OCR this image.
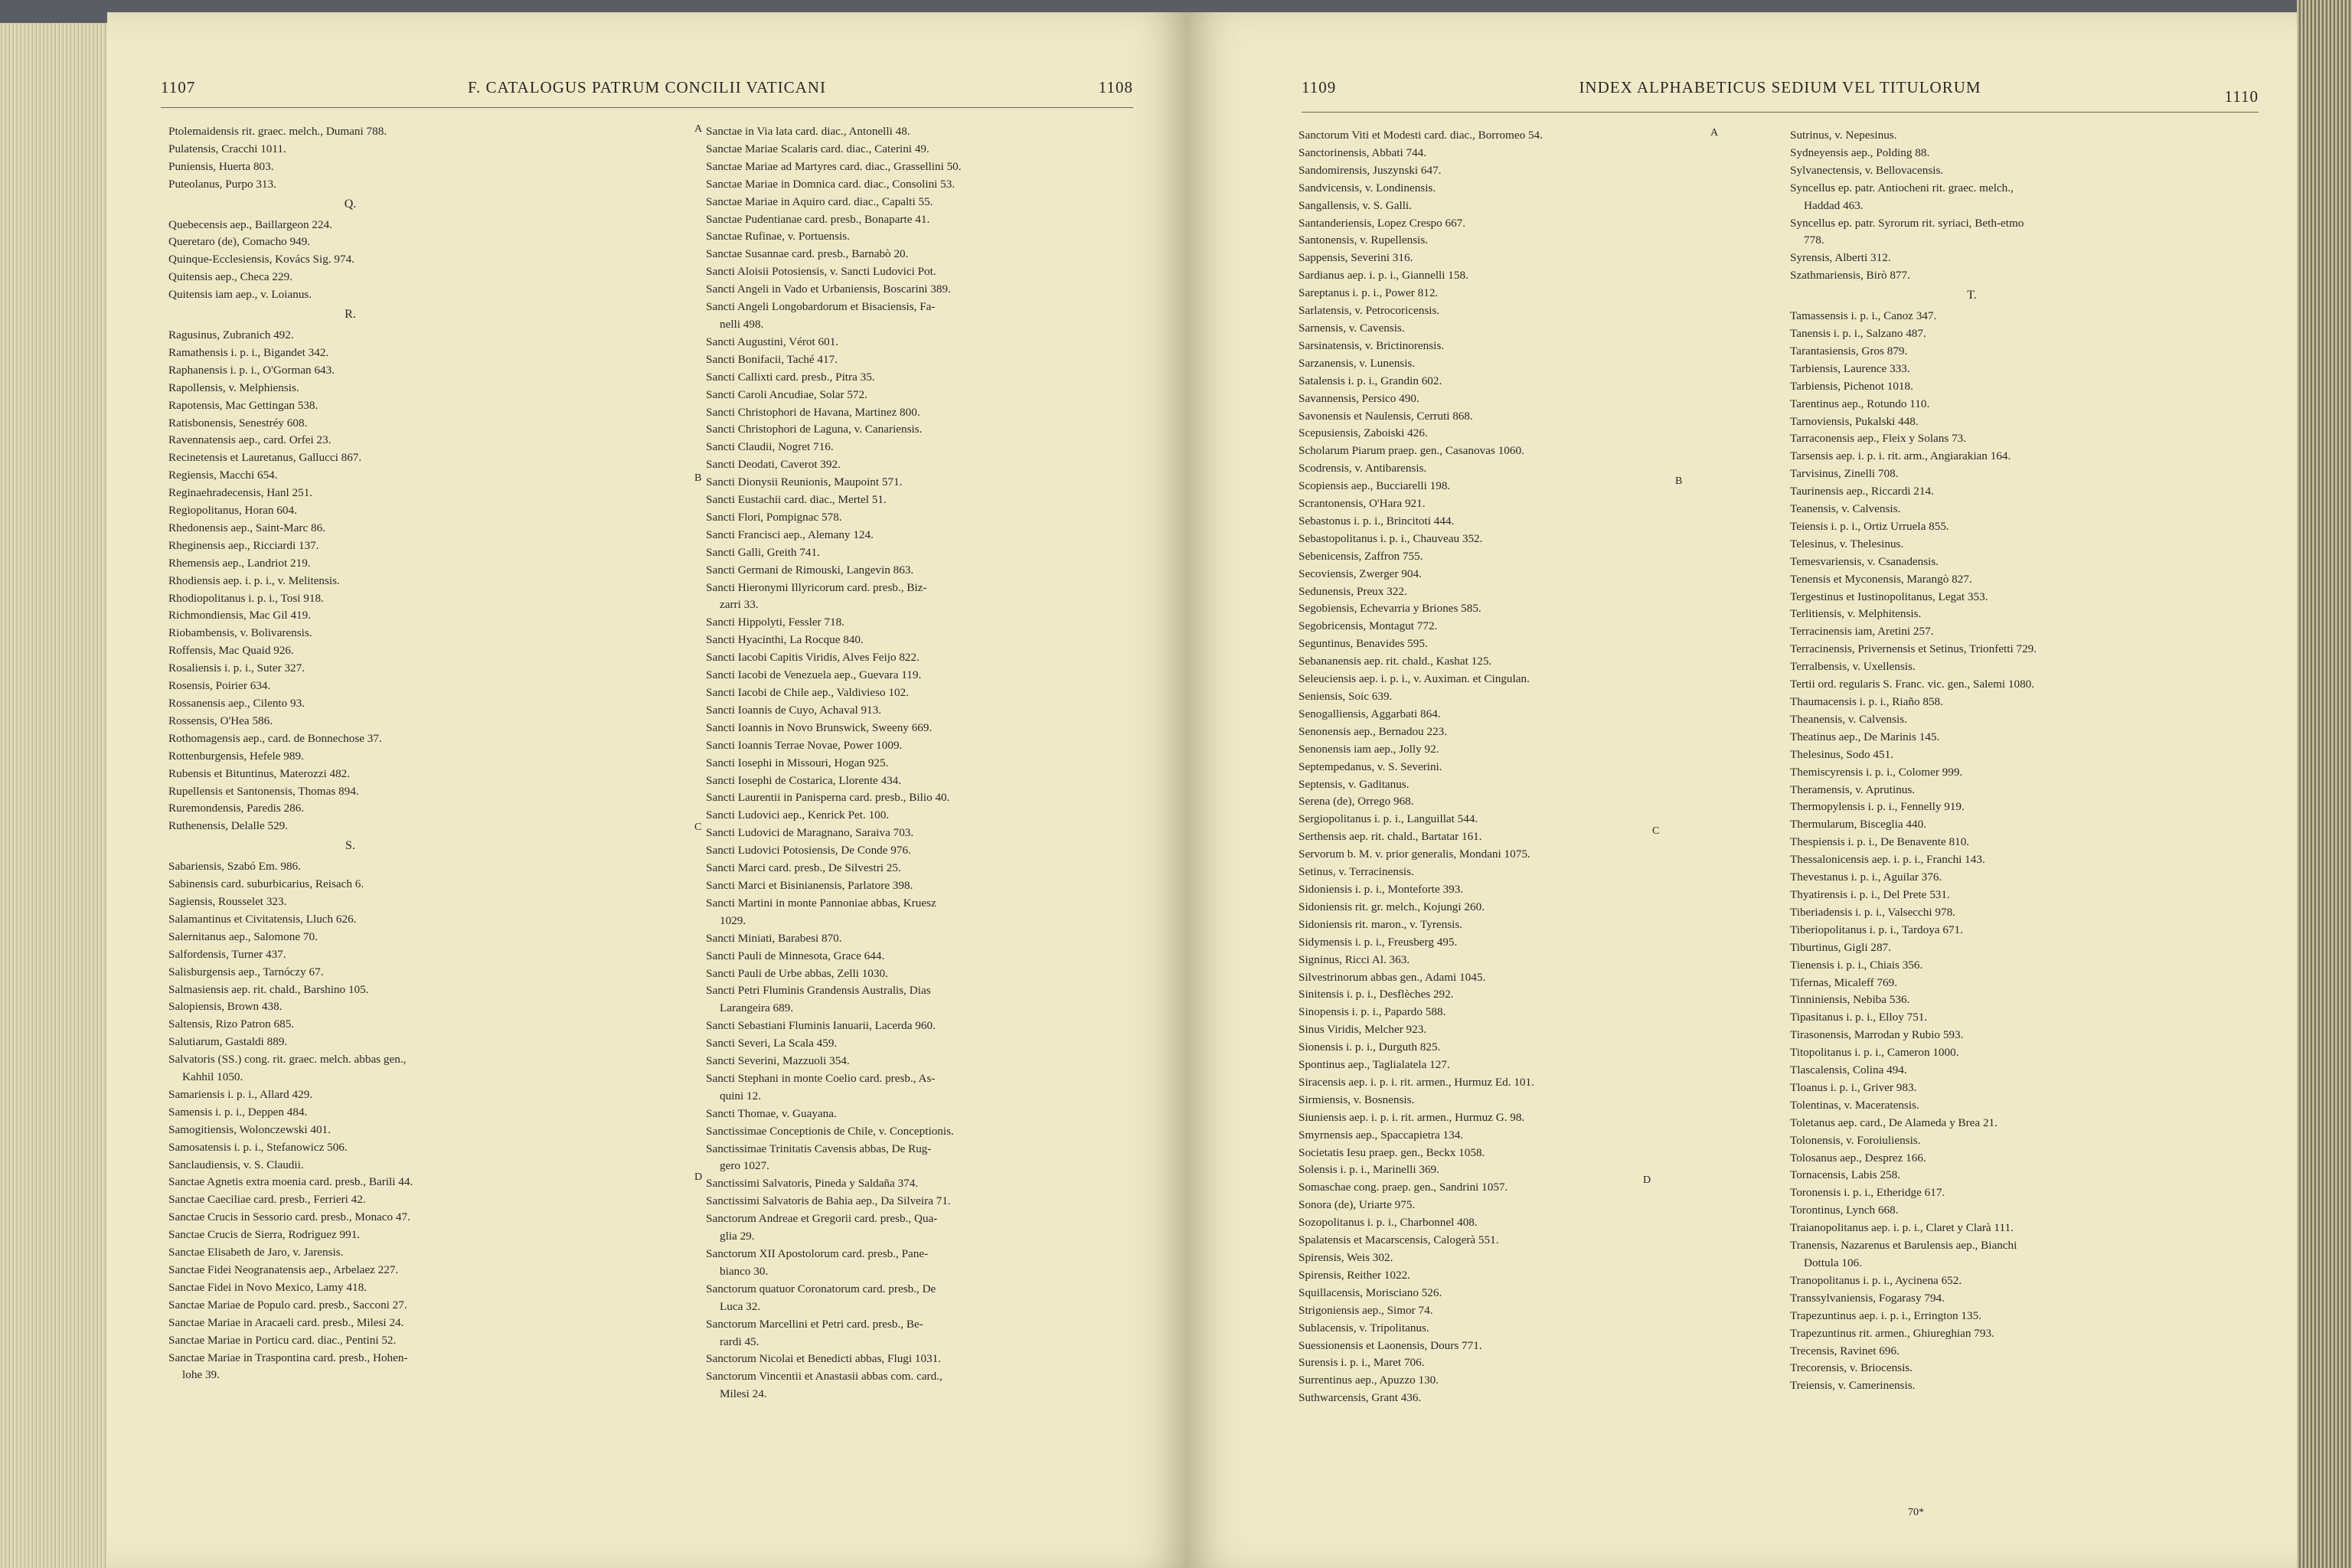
1107	F. CATALOGUS PATRUM CONCILII VATICANI	1108
Ptolemaidensis rit. graec. melch., Dumani 788.
Pulatensis, Cracchi 1011.
Puniensis, Huerta 803.
Puteolanus, Purpo 313.
Q.
Quebecensis aep., Baillargeon 224.
Queretaro (de), Comacho 949.
Quinque-Ecclesiensis, Kovács Sig. 974.
Quitensis aep., Checa 229.
Quitensis iam aep., v. Loianus.
R.
Ragusinus, Zubranich 492.
Ramathensis i. p. i., Bigandet 342.
Raphanensis i. p. i., O'Gorman 643.
Rapollensis, v. Melphiensis.
Rapotensis, Mac Gettingan 538.
Ratisbonensis, Senestréy 608.
Ravennatensis aep., card. Orfei 23.
Recinetensis et Lauretanus, Gallucci 867.
Regiensis, Macchi 654.
Reginaehradecensis, Hanl 251.
Regiopolitanus, Horan 604.
Rhedonensis aep., Saint-Marc 86.
Rheginensis aep., Ricciardi 137.
Rhemensis aep., Landriot 219.
Rhodiensis aep. i. p. i., v. Melitensis.
Rhodiopolitanus i. p. i., Tosi 918.
Richmondiensis, Mac Gil 419.
Riobambensis, v. Bolivarensis.
Roffensis, Mac Quaid 926.
Rosaliensis i. p. i., Suter 327.
Rosensis, Poirier 634.
Rossanensis aep., Cilento 93.
Rossensis, O'Hea 586.
Rothomagensis aep., card. de Bonnechose 37.
Rottenburgensis, Hefele 989.
Rubensis et Bituntinus, Materozzi 482.
Rupellensis et Santonensis, Thomas 894.
Ruremondensis, Paredis 286.
Ruthenensis, Delalle 529.
S.
Sabariensis, Szabó Em. 986.
Sabinensis card. suburbicarius, Reisach 6.
Sagiensis, Rousselet 323.
Salamantinus et Civitatensis, Lluch 626.
Salernitanus aep., Salomone 70.
Salfordensis, Turner 437.
Salisburgensis aep., Tarnóczy 67.
Salmasiensis aep. rit. chald., Barshino 105.
Salopiensis, Brown 438.
Saltensis, Rizo Patron 685.
Salutiarum, Gastaldi 889.
Salvatoris (SS.) cong. rit. graec. melch. abbas gen.,
Kahhil 1050.
Samariensis i. p. i., Allard 429.
Samensis i. p. i., Deppen 484.
Samogitiensis, Wolonczewski 401.
Samosatensis i. p. i., Stefanowicz 506.
Sanclaudiensis, v. S. Claudii.
Sanctae Agnetis extra moenia card. presb., Barili 44.
Sanctae Caeciliae card. presb., Ferrieri 42.
Sanctae Crucis in Sessorio card. presb., Monaco 47.
Sanctae Crucis de Sierra, Rodriguez 991.
Sanctae Elisabeth de Jaro, v. Jarensis.
Sanctae Fidei Neogranatensis aep., Arbelaez 227.
Sanctae Fidei in Novo Mexico, Lamy 418.
Sanctae Mariae de Populo card. presb., Sacconi 27.
Sanctae Mariae in Aracaeli card. presb., Milesi 24.
Sanctae Mariae in Porticu card. diac., Pentini 52.
Sanctae Mariae in Traspontina card. presb., Hohen-
lohe 39.
Sanctae in Via lata card. diac., Antonelli 48.
Sanctae Mariae Scalaris card. diac., Caterini 49.
Sanctae Mariae ad Martyres card. diac., Grassellini 50.
Sanctae Mariae in Domnica card. diac., Consolini 53.
Sanctae Mariae in Aquiro card. diac., Capalti 55.
Sanctae Pudentianae card. presb., Bonaparte 41.
Sanctae Rufinae, v. Portuensis.
Sanctae Susannae card. presb., Barnabò 20.
Sancti Aloisii Potosiensis, v. Sancti Ludovici Pot.
Sancti Angeli in Vado et Urbaniensis, Boscarini 389.
Sancti Angeli Longobardorum et Bisaciensis, Fa-
nelli 498.
Sancti Augustini, Vérot 601.
Sancti Bonifacii, Taché 417.
Sancti Callixti card. presb., Pitra 35.
Sancti Caroli Ancudiae, Solar 572.
Sancti Christophori de Havana, Martinez 800.
Sancti Christophori de Laguna, v. Canariensis.
Sancti Claudii, Nogret 716.
Sancti Deodati, Caverot 392.
Sancti Dionysii Reunionis, Maupoint 571.
Sancti Eustachii card. diac., Mertel 51.
Sancti Flori, Pompignac 578.
Sancti Francisci aep., Alemany 124.
Sancti Galli, Greith 741.
Sancti Germani de Rimouski, Langevin 863.
Sancti Hieronymi Illyricorum card. presb., Biz-
zarri 33.
Sancti Hippolyti, Fessler 718.
Sancti Hyacinthi, La Rocque 840.
Sancti Iacobi Capitis Viridis, Alves Feijo 822.
Sancti Iacobi de Venezuela aep., Guevara 119.
Sancti Iacobi de Chile aep., Valdivieso 102.
Sancti Ioannis de Cuyo, Achaval 913.
Sancti Ioannis in Novo Brunswick, Sweeny 669.
Sancti Ioannis Terrae Novae, Power 1009.
Sancti Iosephi in Missouri, Hogan 925.
Sancti Iosephi de Costarica, Llorente 434.
Sancti Laurentii in Panisperna card. presb., Bilio 40.
Sancti Ludovici aep., Kenrick Pet. 100.
Sancti Ludovici de Maragnano, Saraiva 703.
Sancti Ludovici Potosiensis, De Conde 976.
Sancti Marci card. presb., De Silvestri 25.
Sancti Marci et Bisinianensis, Parlatore 398.
Sancti Martini in monte Pannoniae abbas, Kruesz
1029.
Sancti Miniati, Barabesi 870.
Sancti Pauli de Minnesota, Grace 644.
Sancti Pauli de Urbe abbas, Zelli 1030.
Sancti Petri Fluminis Grandensis Australis, Dias
Larangeira 689.
Sancti Sebastiani Fluminis Ianuarii, Lacerda 960.
Sancti Severi, La Scala 459.
Sancti Severini, Mazzuoli 354.
Sancti Stephani in monte Coelio card. presb., As-
quini 12.
Sancti Thomae, v. Guayana.
Sanctissimae Conceptionis de Chile, v. Conceptionis.
Sanctissimae Trinitatis Cavensis abbas, De Rug-
gero 1027.
Sanctissimi Salvatoris, Pineda y Saldaña 374.
Sanctissimi Salvatoris de Bahia aep., Da Silveira 71.
Sanctorum Andreae et Gregorii card. presb., Qua-
glia 29.
Sanctorum XII Apostolorum card. presb., Pane-
bianco 30.
Sanctorum quatuor Coronatorum card. presb., De
Luca 32.
Sanctorum Marcellini et Petri card. presb., Be-
rardi 45.
Sanctorum Nicolai et Benedicti abbas, Flugi 1031.
Sanctorum Vincentii et Anastasii abbas com. card.,
Milesi 24.
A
B
C
D
1109	INDEX ALPHABETICUS SEDIUM VEL TITULORUM	1110
Sanctorum Viti et Modesti card. diac., Borromeo 54.
Sanctorinensis, Abbati 744.
Sandomirensis, Juszynski 647.
Sandvicensis, v. Londinensis.
Sangallensis, v. S. Galli.
Santanderiensis, Lopez Crespo 667.
Santonensis, v. Rupellensis.
Sappensis, Severini 316.
Sardianus aep. i. p. i., Giannelli 158.
Sareptanus i. p. i., Power 812.
Sarlatensis, v. Petrocoricensis.
Sarnensis, v. Cavensis.
Sarsinatensis, v. Brictinorensis.
Sarzanensis, v. Lunensis.
Satalensis i. p. i., Grandin 602.
Savannensis, Persico 490.
Savonensis et Naulensis, Cerruti 868.
Scepusiensis, Zaboiski 426.
Scholarum Piarum praep. gen., Casanovas 1060.
Scodrensis, v. Antibarensis.
Scopiensis aep., Bucciarelli 198.
Scrantonensis, O'Hara 921.
Sebastonus i. p. i., Brincitoti 444.
Sebastopolitanus i. p. i., Chauveau 352.
Sebenicensis, Zaffron 755.
Secoviensis, Zwerger 904.
Sedunensis, Preux 322.
Segobiensis, Echevarria y Briones 585.
Segobricensis, Montagut 772.
Seguntinus, Benavides 595.
Sebananensis aep. rit. chald., Kashat 125.
Seleuciensis aep. i. p. i., v. Auximan. et Cingulan.
Seniensis, Soic 639.
Senogalliensis, Aggarbati 864.
Senonensis aep., Bernadou 223.
Senonensis iam aep., Jolly 92.
Septempedanus, v. S. Severini.
Septensis, v. Gaditanus.
Serena (de), Orrego 968.
Sergiopolitanus i. p. i., Languillat 544.
Serthensis aep. rit. chald., Bartatar 161.
Servorum b. M. v. prior generalis, Mondani 1075.
Setinus, v. Terracinensis.
Sidoniensis i. p. i., Monteforte 393.
Sidoniensis rit. gr. melch., Kojungi 260.
Sidoniensis rit. maron., v. Tyrensis.
Sidymensis i. p. i., Freusberg 495.
Signinus, Ricci Al. 363.
Silvestrinorum abbas gen., Adami 1045.
Sinitensis i. p. i., Desflèches 292.
Sinopensis i. p. i., Papardo 588.
Sinus Viridis, Melcher 923.
Sionensis i. p. i., Durguth 825.
Spontinus aep., Taglialatela 127.
Siracensis aep. i. p. i. rit. armen., Hurmuz Ed. 101.
Sirmiensis, v. Bosnensis.
Siuniensis aep. i. p. i. rit. armen., Hurmuz G. 98.
Smyrnensis aep., Spaccapietra 134.
Societatis Iesu praep. gen., Beckx 1058.
Solensis i. p. i., Marinelli 369.
Somaschae cong. praep. gen., Sandrini 1057.
Sonora (de), Uriarte 975.
Sozopolitanus i. p. i., Charbonnel 408.
Spalatensis et Macarscensis, Calogerà 551.
Spirensis, Weis 302.
Spirensis, Reither 1022.
Squillacensis, Morisciano 526.
Strigoniensis aep., Simor 74.
Sublacensis, v. Tripolitanus.
Suessionensis et Laonensis, Dours 771.
Surensis i. p. i., Maret 706.
Surrentinus aep., Apuzzo 130.
Suthwarcensis, Grant 436.
Sutrinus, v. Nepesinus.
Sydneyensis aep., Polding 88.
Sylvanectensis, v. Bellovacensis.
Syncellus ep. patr. Antiocheni rit. graec. melch.,
Haddad 463.
Syncellus ep. patr. Syrorum rit. syriaci, Beth-etmo
778.
Syrensis, Alberti 312.
Szathmariensis, Birò 877.
T.
Tamassensis i. p. i., Canoz 347.
Tanensis i. p. i., Salzano 487.
Tarantasiensis, Gros 879.
Tarbiensis, Laurence 333.
Tarbiensis, Pichenot 1018.
Tarentinus aep., Rotundo 110.
Tarnoviensis, Pukalski 448.
Tarraconensis aep., Fleix y Solans 73.
Tarsensis aep. i. p. i. rit. arm., Angiarakian 164.
Tarvisinus, Zinelli 708.
Taurinensis aep., Riccardi 214.
Teanensis, v. Calvensis.
Teiensis i. p. i., Ortiz Urruela 855.
Telesinus, v. Thelesinus.
Temesvariensis, v. Csanadensis.
Tenensis et Myconensis, Marangò 827.
Tergestinus et Iustinopolitanus, Legat 353.
Terlitiensis, v. Melphitensis.
Terracinensis iam, Aretini 257.
Terracinensis, Privernensis et Setinus, Trionfetti 729.
Terralbensis, v. Uxellensis.
Tertii ord. regularis S. Franc. vic. gen., Salemi 1080.
Thaumacensis i. p. i., Riaño 858.
Theanensis, v. Calvensis.
Theatinus aep., De Marinis 145.
Thelesinus, Sodo 451.
Themiscyrensis i. p. i., Colomer 999.
Theramensis, v. Aprutinus.
Thermopylensis i. p. i., Fennelly 919.
Thermularum, Bisceglia 440.
Thespiensis i. p. i., De Benavente 810.
Thessalonicensis aep. i. p. i., Franchi 143.
Thevestanus i. p. i., Aguilar 376.
Thyatirensis i. p. i., Del Prete 531.
Tiberiadensis i. p. i., Valsecchi 978.
Tiberiopolitanus i. p. i., Tardoya 671.
Tiburtinus, Gigli 287.
Tienensis i. p. i., Chiais 356.
Tifernas, Micaleff 769.
Tinniniensis, Nebiba 536.
Tipasitanus i. p. i., Elloy 751.
Tirasonensis, Marrodan y Rubio 593.
Titopolitanus i. p. i., Cameron 1000.
Tlascalensis, Colina 494.
Tloanus i. p. i., Griver 983.
Tolentinas, v. Maceratensis.
Toletanus aep. card., De Alameda y Brea 21.
Tolonensis, v. Foroiuliensis.
Tolosanus aep., Desprez 166.
Tornacensis, Labis 258.
Toronensis i. p. i., Etheridge 617.
Torontinus, Lynch 668.
Traianopolitanus aep. i. p. i., Claret y Clarà 111.
Tranensis, Nazarenus et Barulensis aep., Bianchi
Dottula 106.
Tranopolitanus i. p. i., Aycinena 652.
Transsylvaniensis, Fogarasy 794.
Trapezuntinus aep. i. p. i., Errington 135.
Trapezuntinus rit. armen., Ghiureghian 793.
Trecensis, Ravinet 696.
Trecorensis, v. Briocensis.
Treiensis, v. Camerinensis.
A
B
C
D
70*
